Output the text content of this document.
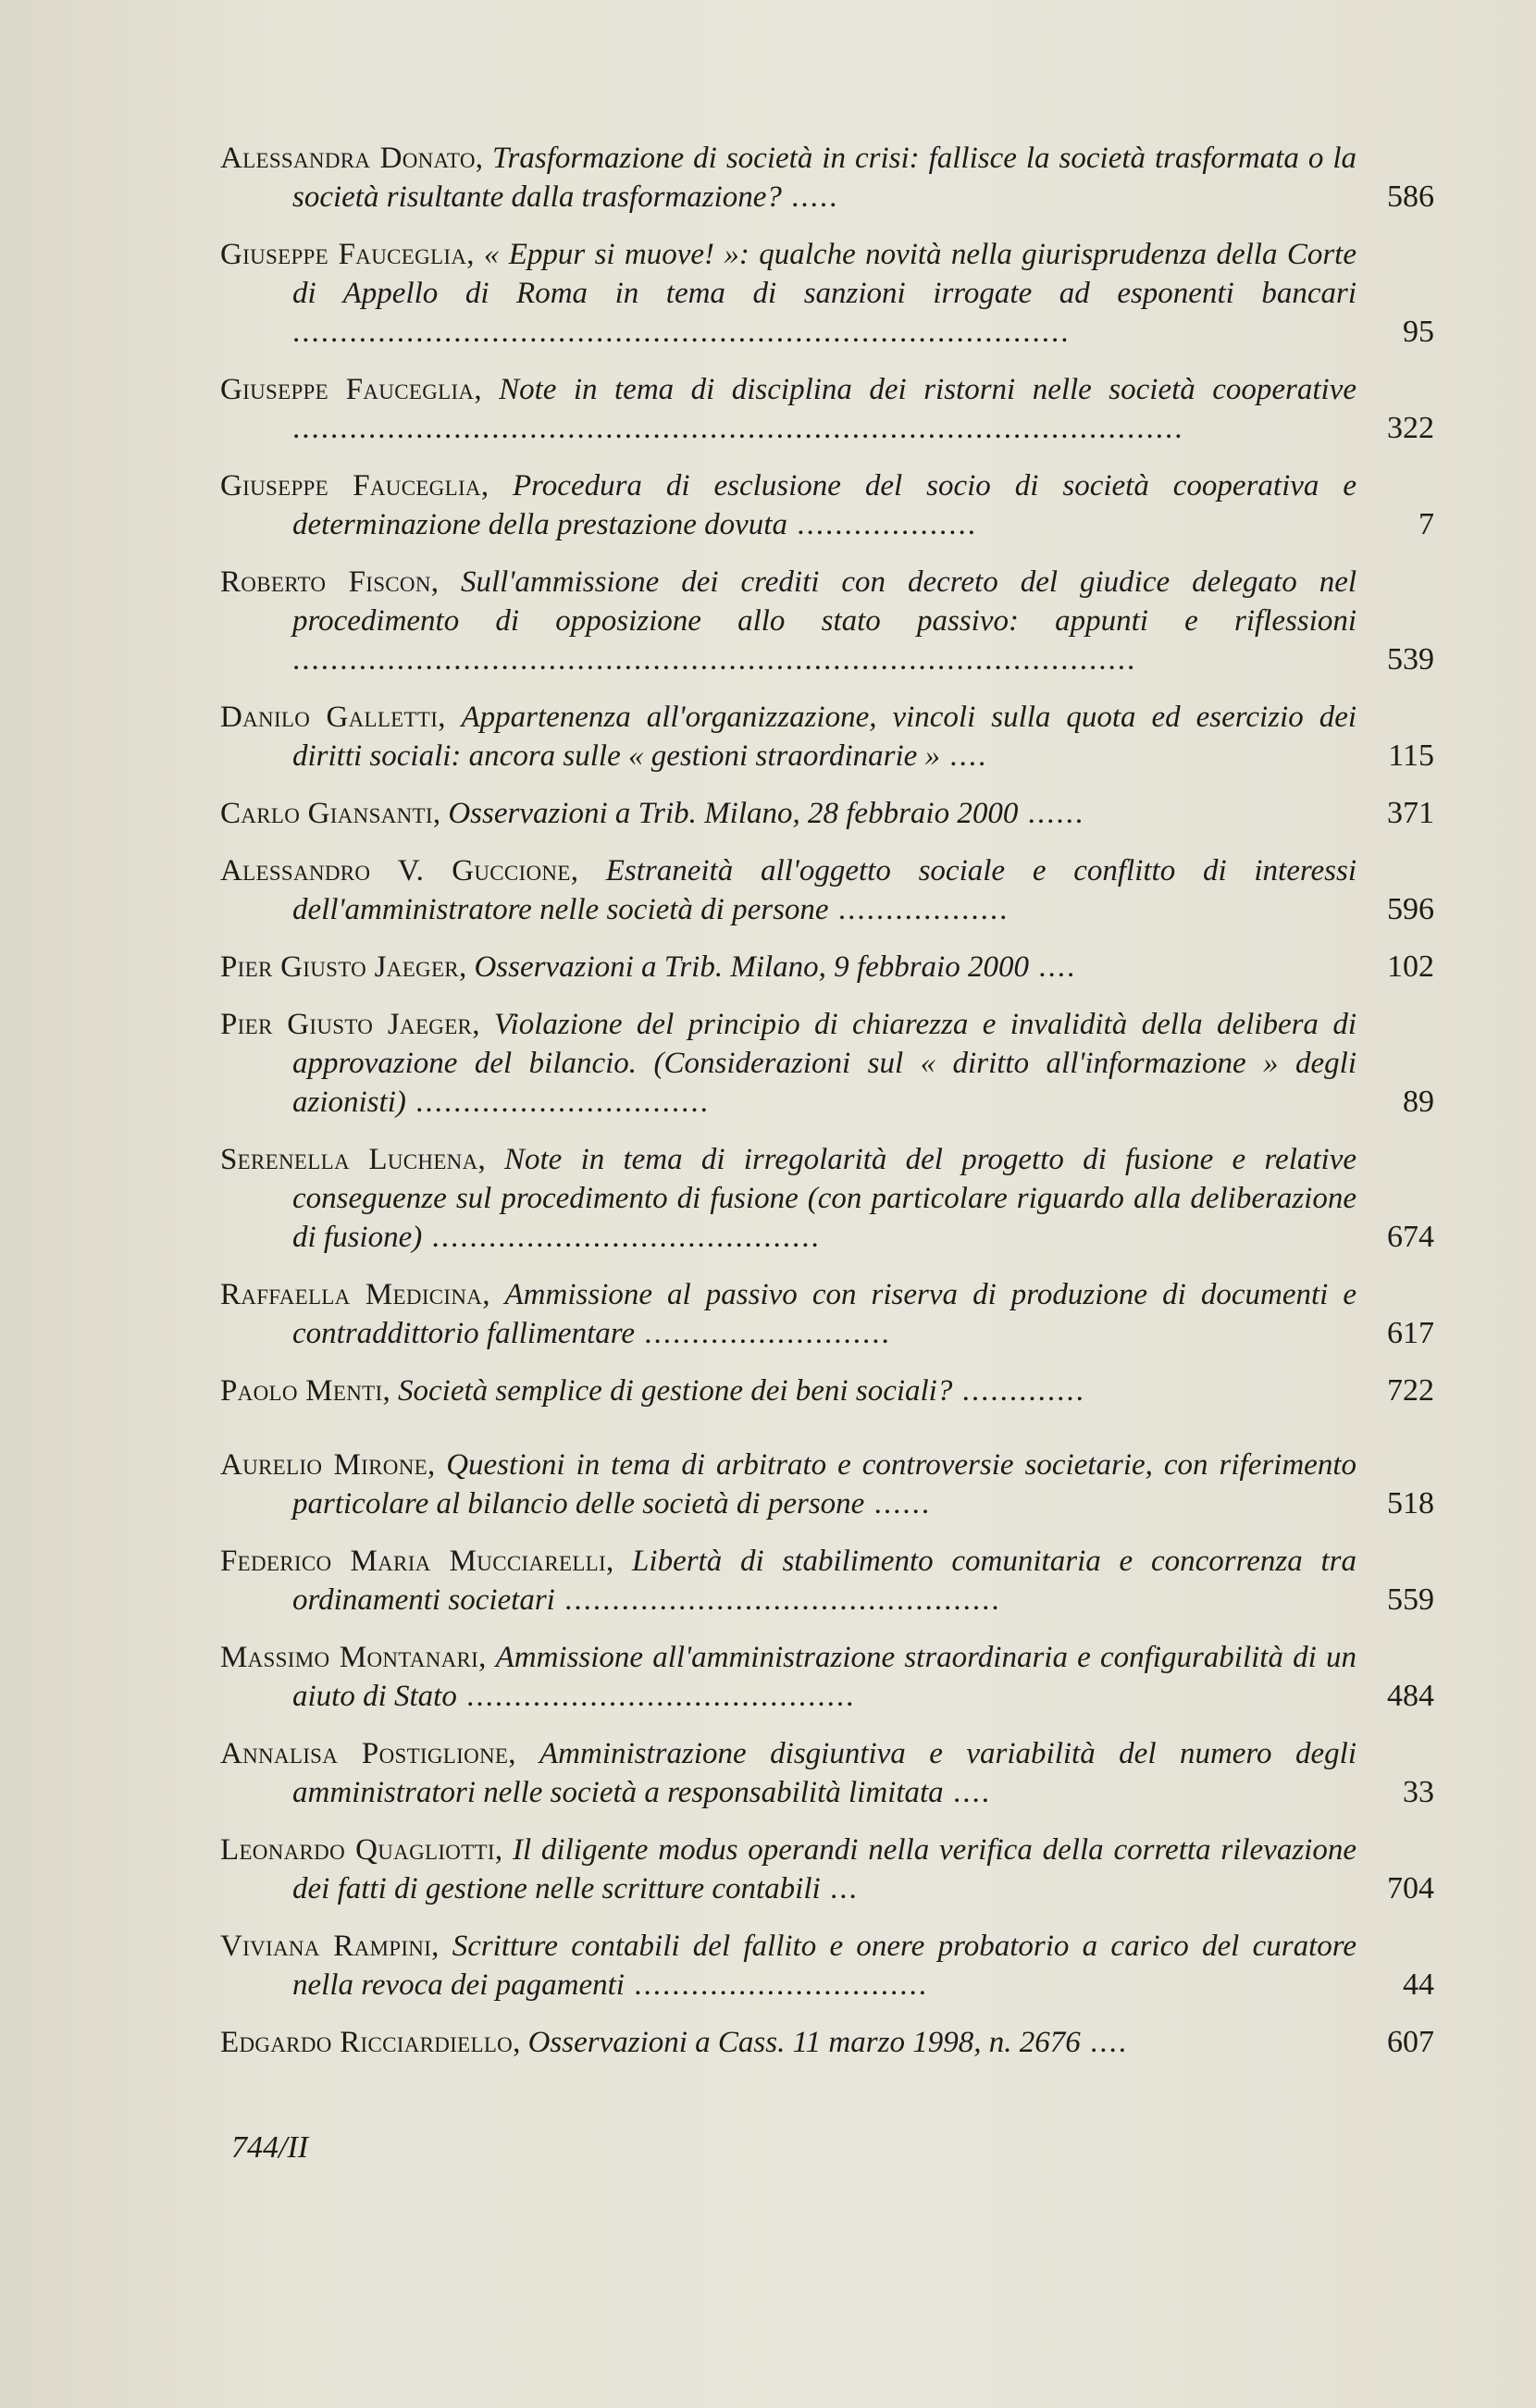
Alessandra Donato, Trasformazione di società in crisi: fallisce la società trasformata o la società risultante dalla trasformazione? .....	586
Giuseppe Fauceglia, « Eppur si muove! »: qualche novità nella giurisprudenza della Corte di Appello di Roma in tema di sanzioni irrogate ad esponenti bancari ..................................................................................	95
Giuseppe Fauceglia, Note in tema di disciplina dei ristorni nelle società cooperative ..............................................................................................	322
Giuseppe Fauceglia, Procedura di esclusione del socio di società cooperativa e determinazione della prestazione dovuta ...................	7
Roberto Fiscon, Sull'ammissione dei crediti con decreto del giudice delegato nel procedimento di opposizione allo stato passivo: appunti e riflessioni .........................................................................................	539
Danilo Galletti, Appartenenza all'organizzazione, vincoli sulla quota ed esercizio dei diritti sociali: ancora sulle « gestioni straordinarie » ....	115
Carlo Giansanti, Osservazioni a Trib. Milano, 28 febbraio 2000 ......	371
Alessandro V. Guccione, Estraneità all'oggetto sociale e conflitto di interessi dell'amministratore nelle società di persone ..................	596
Pier Giusto Jaeger, Osservazioni a Trib. Milano, 9 febbraio 2000 ....	102
Pier Giusto Jaeger, Violazione del principio di chiarezza e invalidità della delibera di approvazione del bilancio. (Considerazioni sul « diritto all'informazione » degli azionisti) ...............................	89
Serenella Luchena, Note in tema di irregolarità del progetto di fusione e relative conseguenze sul procedimento di fusione (con particolare riguardo alla deliberazione di fusione) .........................................	674
Raffaella Medicina, Ammissione al passivo con riserva di produzione di documenti e contraddittorio fallimentare ..........................	617
Paolo Menti, Società semplice di gestione dei beni sociali? .............	722
Aurelio Mirone, Questioni in tema di arbitrato e controversie societarie, con riferimento particolare al bilancio delle società di persone ......	518
Federico Maria Mucciarelli, Libertà di stabilimento comunitaria e concorrenza tra ordinamenti societari ..............................................	559
Massimo Montanari, Ammissione all'amministrazione straordinaria e configurabilità di un aiuto di Stato .........................................	484
Annalisa Postiglione, Amministrazione disgiuntiva e variabilità del numero degli amministratori nelle società a responsabilità limitata ....	33
Leonardo Quagliotti, Il diligente modus operandi nella verifica della corretta rilevazione dei fatti di gestione nelle scritture contabili ...	704
Viviana Rampini, Scritture contabili del fallito e onere probatorio a carico del curatore nella revoca dei pagamenti ...............................	44
Edgardo Ricciardiello, Osservazioni a Cass. 11 marzo 1998, n. 2676 ....	607
744/II
